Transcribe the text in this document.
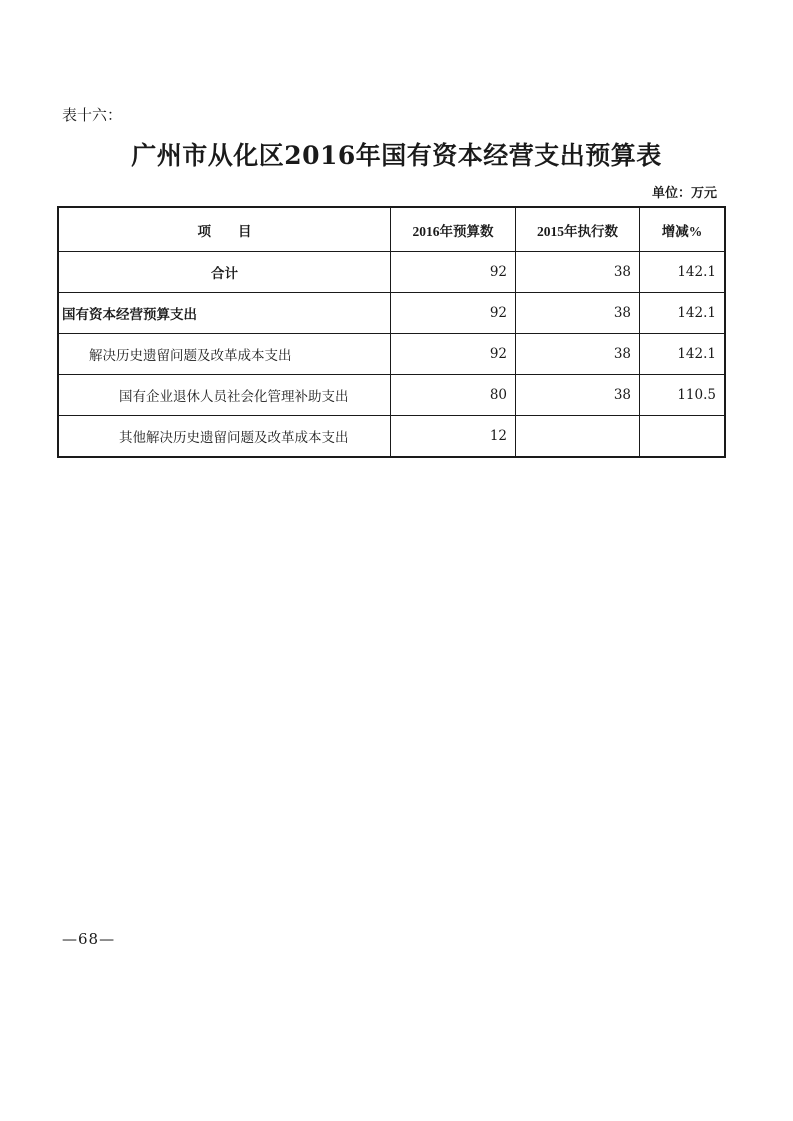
表十六：
广州市从化区2016年国有资本经营支出预算表
单位：万元
项　　目	2016年预算数	2015年执行数	增减%
合计	92	38	142.1
国有资本经营预算支出	92	38	142.1
解决历史遗留问题及改革成本支出	92	38	142.1
国有企业退休人员社会化管理补助支出	80	38	110.5
其他解决历史遗留问题及改革成本支出	12		
—68—
